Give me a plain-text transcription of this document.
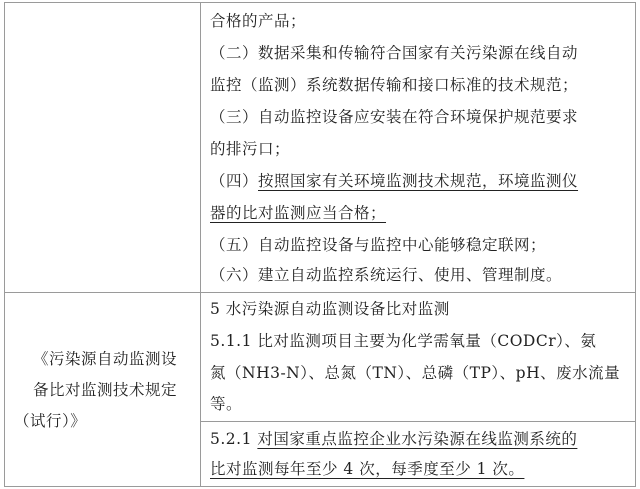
合格的产品；
（二）数据采集和传输符合国家有关污染源在线自动
监控（监测）系统数据传输和接口标准的技术规范；
（三）自动监控设备应安装在符合环境保护规范要求
的排污口；
（四）按照国家有关环境监测技术规范，环境监测仪
器的比对监测应当合格；
（五）自动监控设备与监控中心能够稳定联网；
（六）建立自动监控系统运行、使用、管理制度。
《污染源自动监测设
备比对监测技术规定
（试行）》
5 水污染源自动监测设备比对监测
5.1.1 比对监测项目主要为化学需氧量（CODCr）、氨
氮（NH3-N）、总氮（TN）、总磷（TP）、pH、废水流量
等。
5.2.1 对国家重点监控企业水污染源在线监测系统的
比对监测每年至少 4 次，每季度至少 1 次。
